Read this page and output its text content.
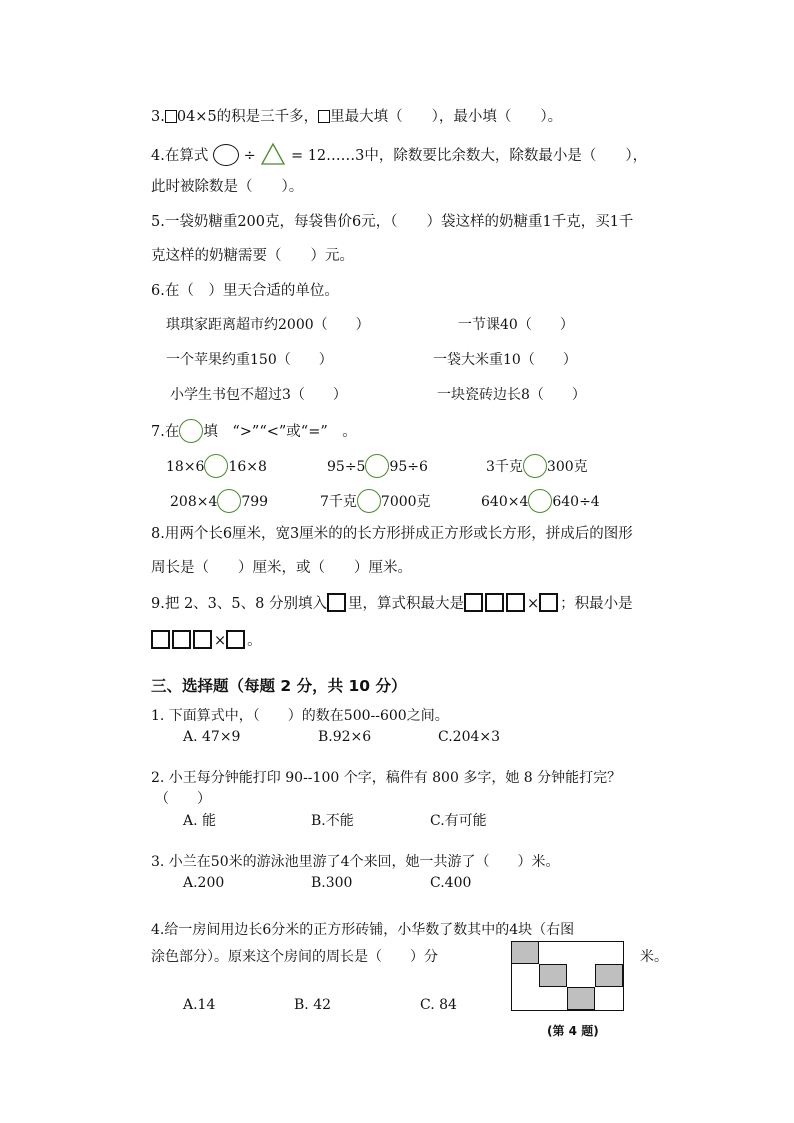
3. 04×5的积是三千多， 里最大填（　　），最小填（　　）。
4.在算式 ÷ = 12……3中，除数要比余数大，除数最小是（　　），
此时被除数是（　　）。
5.一袋奶糖重200克，每袋售价6元，（　　）袋这样的奶糖重1千克，买1千
克这样的奶糖需要（　　）元。
6.在（　）里天合适的单位。
琪琪家距离超市约2000（　　）	一节课40（　　）
一个苹果约重150（　　）	一袋大米重10（　　）
小学生书包不超过3（　　）	一块瓷砖边长8（　　）
7.在 填　“>”“<”或“=”　。
18×6 16×8	95÷5 95÷6	3千克 300克
208×4 799	7千克 7000克	640×4 640÷4
8.用两个长6厘米，宽3厘米的的长方形拼成正方形或长方形，拼成后的图形
周长是（　　）厘米，或（　　）厘米。
9.把 2、3、5、8 分别填入 里，算式积最大是	× ；积最小是
× 。
三、选择题（每题 2 分，共 10 分）
1. 下面算式中，（　　）的数在500--600之间。
A. 47×9	B.92×6	C.204×3
2. 小王每分钟能打印 90--100 个字，稿件有 800 多字，她 8 分钟能打完？
（　　）
A. 能	B.不能	C.有可能
3. 小兰在50米的游泳池里游了4个来回，她一共游了（　　）米。
A.200	B.300	C.400
4.给一房间用边长6分米的正方形砖铺，小华数了数其中的4块（右图
涂色部分）。原来这个房间的周长是（　　）分	米。
A.14	B. 42	C. 84
(第 4 题)
